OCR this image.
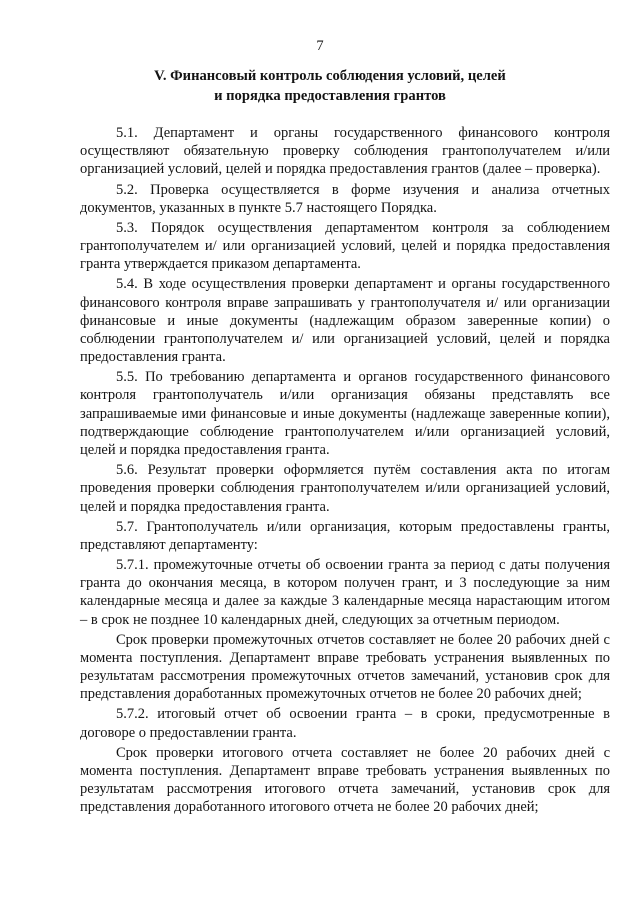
7
V. Финансовый контроль соблюдения условий, целей
и порядка предоставления грантов

5.1. Департамент и органы государственного финансового контроля осуществляют обязательную проверку соблюдения грантополучателем и/или организацией условий, целей и порядка предоставления грантов (далее – проверка).

5.2. Проверка осуществляется в форме изучения и анализа отчетных документов, указанных в пункте 5.7 настоящего Порядка.

5.3. Порядок осуществления департаментом контроля за соблюдением грантополучателем и/ или организацией условий, целей и порядка предоставления гранта утверждается приказом департамента.

5.4. В ходе осуществления проверки департамент и органы государственного финансового контроля вправе запрашивать у грантополучателя и/ или организации финансовые и иные документы (надлежащим образом заверенные копии) о соблюдении грантополучателем и/ или организацией условий, целей и порядка предоставления гранта.

5.5. По требованию департамента и органов государственного финансового контроля грантополучатель и/или организация обязаны представлять все запрашиваемые ими финансовые и иные документы (надлежаще заверенные копии), подтверждающие соблюдение грантополучателем и/или организацией условий, целей и порядка предоставления гранта.

5.6. Результат проверки оформляется путём составления акта по итогам проведения проверки соблюдения грантополучателем и/или организацией условий, целей и порядка предоставления гранта.

5.7. Грантополучатель и/или организация, которым предоставлены гранты, представляют департаменту:

5.7.1. промежуточные отчеты об освоении гранта за период с даты получения гранта до окончания месяца, в котором получен грант, и 3 последующие за ним календарные месяца и далее за каждые 3 календарные месяца нарастающим итогом – в срок не позднее 10 календарных дней, следующих за отчетным периодом.

Срок проверки промежуточных отчетов составляет не более 20 рабочих дней с момента поступления. Департамент вправе требовать устранения выявленных по результатам рассмотрения промежуточных отчетов замечаний, установив срок для представления доработанных промежуточных отчетов не более 20 рабочих дней;

5.7.2. итоговый отчет об освоении гранта – в сроки, предусмотренные в договоре о предоставлении гранта.

Срок проверки итогового отчета составляет не более 20 рабочих дней с момента поступления. Департамент вправе требовать устранения выявленных по результатам рассмотрения итогового отчета замечаний, установив срок для представления доработанного итогового отчета не более 20 рабочих дней;
